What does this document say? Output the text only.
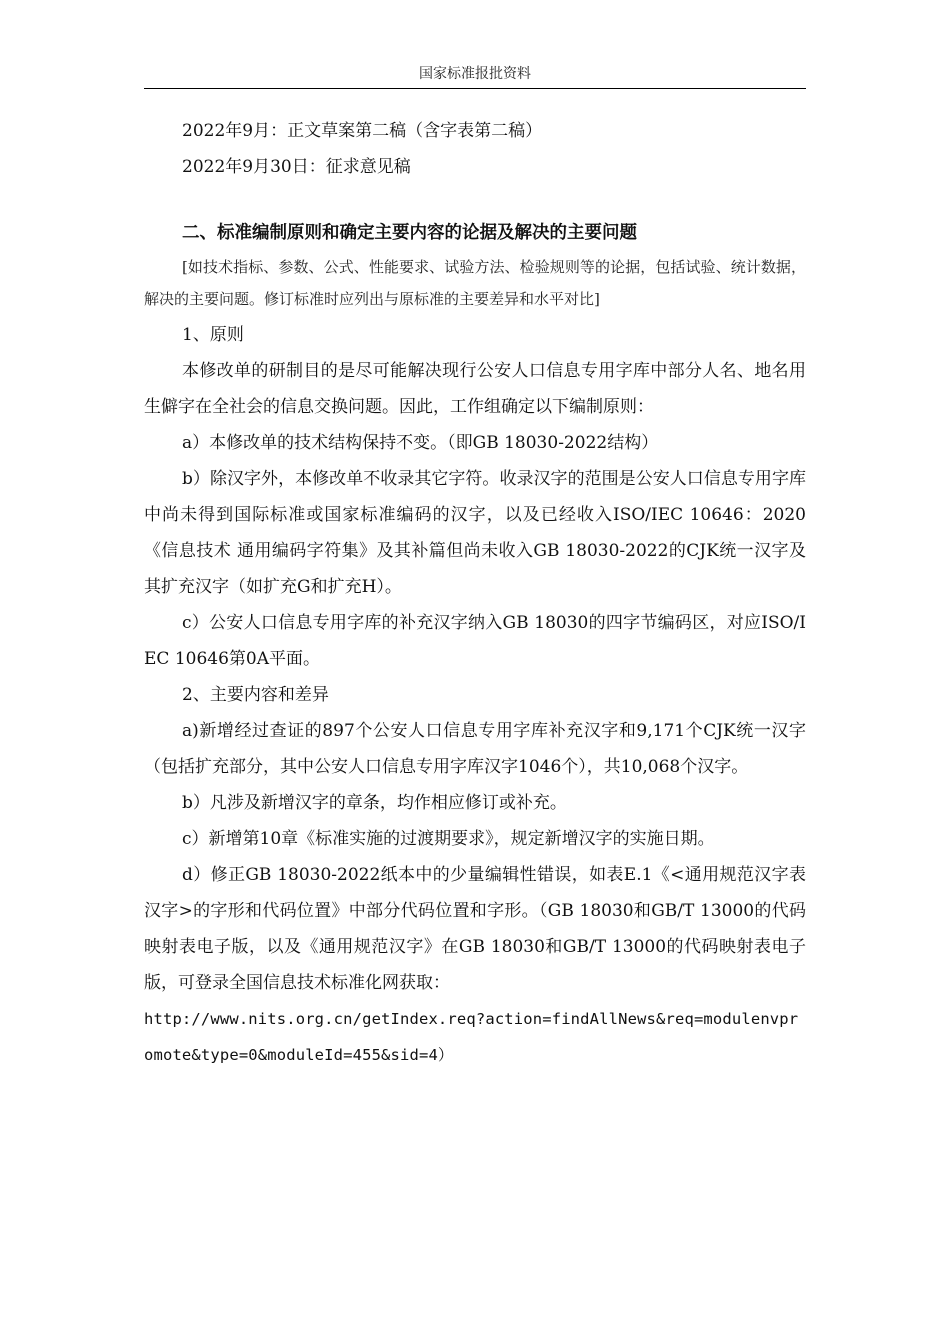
国家标准报批资料

2022年9月：正文草案第二稿（含字表第二稿）

2022年9月30日：征求意见稿

二、标准编制原则和确定主要内容的论据及解决的主要问题

[如技术指标、参数、公式、性能要求、试验方法、检验规则等的论据，包括试验、统计数据，解决的主要问题。修订标准时应列出与原标准的主要差异和水平对比]

1、原则

本修改单的研制目的是尽可能解决现行公安人口信息专用字库中部分人名、地名用生僻字在全社会的信息交换问题。因此，工作组确定以下编制原则：

a）本修改单的技术结构保持不变。（即GB 18030-2022结构）

b）除汉字外，本修改单不收录其它字符。收录汉字的范围是公安人口信息专用字库中尚未得到国际标准或国家标准编码的汉字，以及已经收入ISO/IEC 10646：2020《信息技术 通用编码字符集》及其补篇但尚未收入GB 18030-2022的CJK统一汉字及其扩充汉字（如扩充G和扩充H）。

c）公安人口信息专用字库的补充汉字纳入GB 18030的四字节编码区，对应ISO/IEC 10646第0A平面。

2、主要内容和差异

a)新增经过查证的897个公安人口信息专用字库补充汉字和9,171个CJK统一汉字（包括扩充部分，其中公安人口信息专用字库汉字1046个），共10,068个汉字。

b）凡涉及新增汉字的章条，均作相应修订或补充。

c）新增第10章《标准实施的过渡期要求》，规定新增汉字的实施日期。

d）修正GB 18030-2022纸本中的少量编辑性错误，如表E.1《<通用规范汉字表汉字>的字形和代码位置》中部分代码位置和字形。（GB 18030和GB/T 13000的代码映射表电子版，以及《通用规范汉字》在GB 18030和GB/T 13000的代码映射表电子版，可登录全国信息技术标准化网获取：

http://www.nits.org.cn/getIndex.req?action=findAllNews&req=modulenvpromote&type=0&moduleId=455&sid=4）
